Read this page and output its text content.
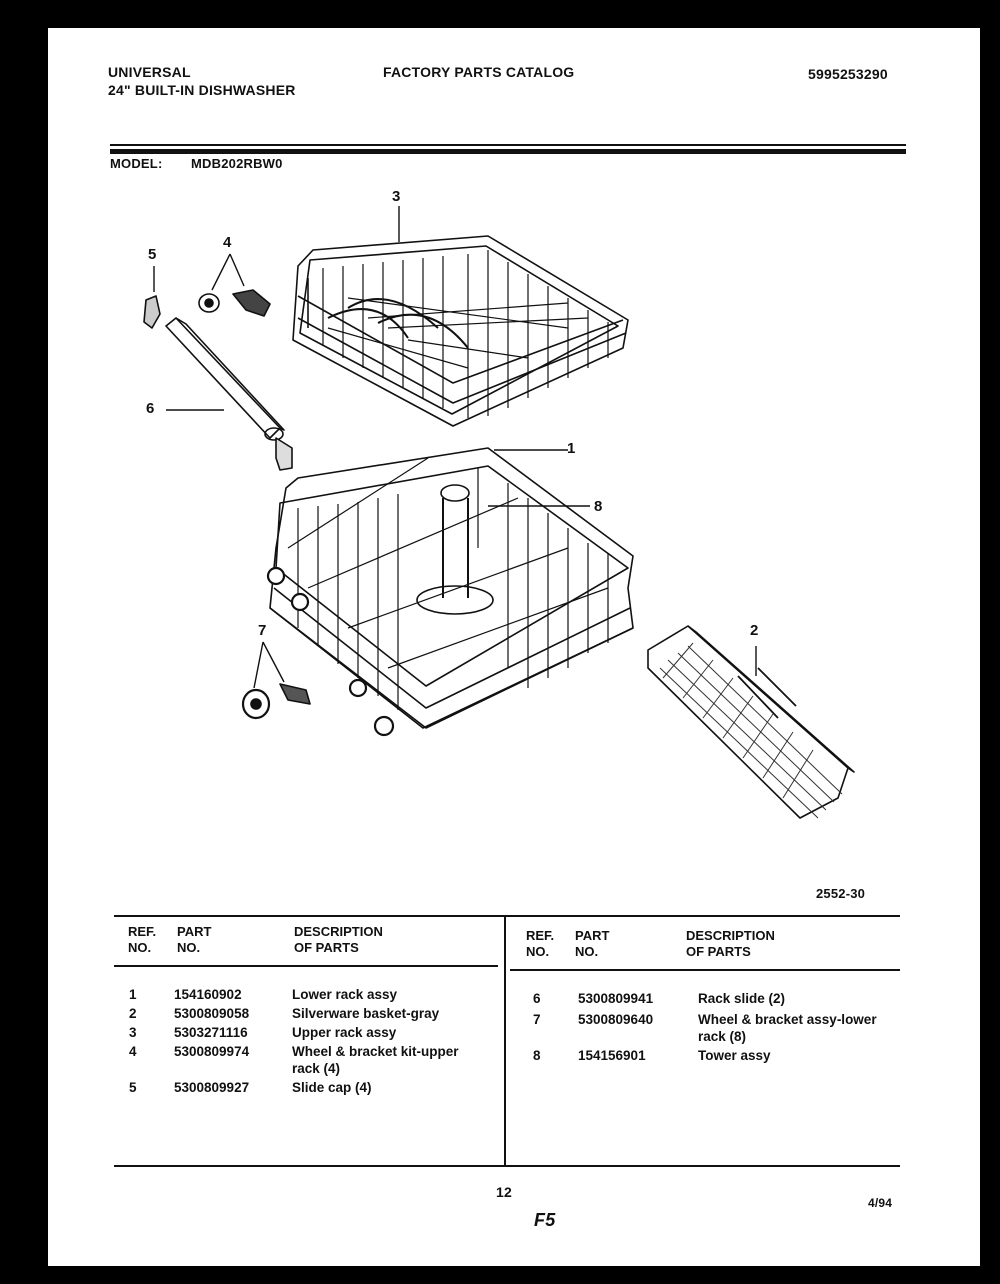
UNIVERSAL
24" BUILT-IN DISHWASHER
FACTORY PARTS CATALOG	5995253290
MODEL: MDB202RBW0
3
4
5
6
1
8
7	2
2552-30
REF.
NO.
PART
NO.
DESCRIPTION
OF PARTS
REF.
NO.
PART
NO.
DESCRIPTION
OF PARTS
1	154160902	Lower rack assy
2	5300809058	Silverware basket-gray
3	5303271116	Upper rack assy
4	5300809974	Wheel & bracket kit-upper
rack (4)
5	5300809927	Slide cap (4)
6	5300809941	Rack slide (2)
7	5300809640	Wheel & bracket assy-lower
rack (8)
8	154156901	Tower assy
12
F5
4/94
